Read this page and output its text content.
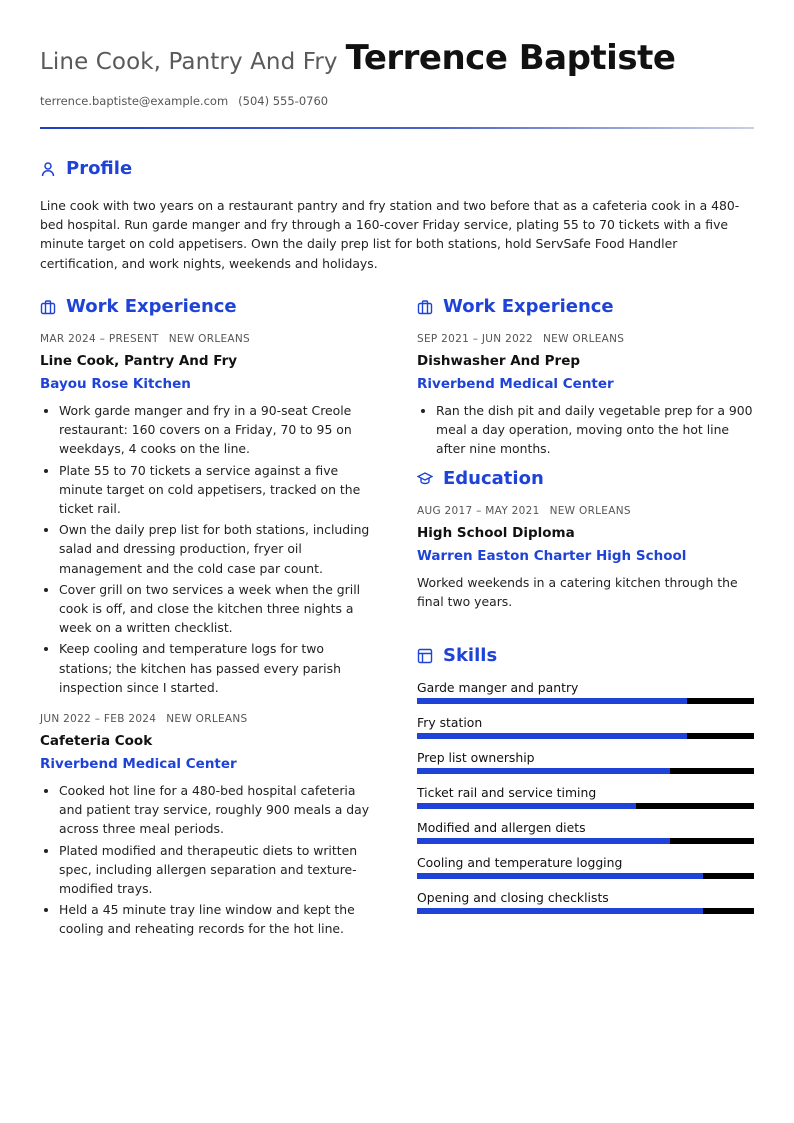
Line Cook, Pantry And Fry Terrence Baptiste
terrence.baptiste@example.com (504) 555-0760
Profile

Line cook with two years on a restaurant pantry and fry station and two before that as a cafeteria cook in a 480-bed hospital. Run garde manger and fry through a 160-cover Friday service, plating 55 to 70 tickets with a five minute target on cold appetisers. Own the daily prep list for both stations, hold ServSafe Food Handler certification, and work nights, weekends and holidays.

Work Experience
MAR 2024 – PRESENT NEW ORLEANS
Line Cook, Pantry And Fry
Bayou Rose Kitchen
• Work garde manger and fry in a 90-seat Creole restaurant: 160 covers on a Friday, 70 to 95 on weekdays, 4 cooks on the line.
• Plate 55 to 70 tickets a service against a five minute target on cold appetisers, tracked on the ticket rail.
• Own the daily prep list for both stations, including salad and dressing production, fryer oil management and the cold case par count.
• Cover grill on two services a week when the grill cook is off, and close the kitchen three nights a week on a written checklist.
• Keep cooling and temperature logs for two stations; the kitchen has passed every parish inspection since I started.
JUN 2022 – FEB 2024 NEW ORLEANS
Cafeteria Cook
Riverbend Medical Center
• Cooked hot line for a 480-bed hospital cafeteria and patient tray service, roughly 900 meals a day across three meal periods.
• Plated modified and therapeutic diets to written spec, including allergen separation and texture-modified trays.
• Held a 45 minute tray line window and kept the cooling and reheating records for the hot line.
Work Experience
SEP 2021 – JUN 2022 NEW ORLEANS
Dishwasher And Prep
Riverbend Medical Center
• Ran the dish pit and daily vegetable prep for a 900 meal a day operation, moving onto the hot line after nine months.
Education
AUG 2017 – MAY 2021 NEW ORLEANS
High School Diploma
Warren Easton Charter High School

Worked weekends in a catering kitchen through the final two years.

Skills
Garde manger and pantry
Fry station
Prep list ownership
Ticket rail and service timing
Modified and allergen diets
Cooling and temperature logging
Opening and closing checklists
